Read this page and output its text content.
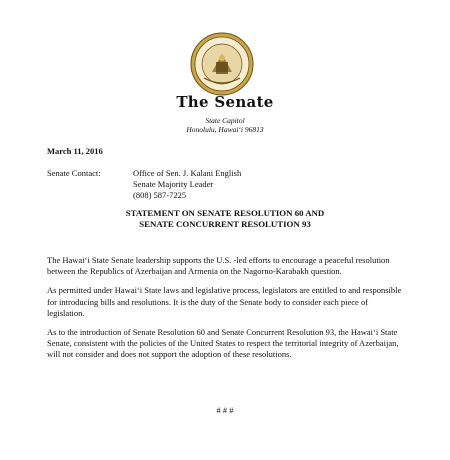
The Senate
State Capitol
Honolulu, Hawai‘i 96813
March 11, 2016
Senate Contact:	Office of Sen. J. Kalani English
Senate Majority Leader
(808) 587-7225
STATEMENT ON SENATE RESOLUTION 60 AND
SENATE CONCURRENT RESOLUTION 93

The Hawai‘i State Senate leadership supports the U.S. -led efforts to encourage a peaceful resolution between the Republics of Azerbaijan and Armenia on the Nagorno-Karabakh question.

As permitted under Hawai‘i State laws and legislative process, legislators are entitled to and responsible for introducing bills and resolutions. It is the duty of the Senate body to consider each piece of legislation.

As to the introduction of Senate Resolution 60 and Senate Concurrent Resolution 93, the Hawai‘i State Senate, consistent with the policies of the United States to respect the territorial integrity of Azerbaijan, will not consider and does not support the adoption of these resolutions.

# # #
